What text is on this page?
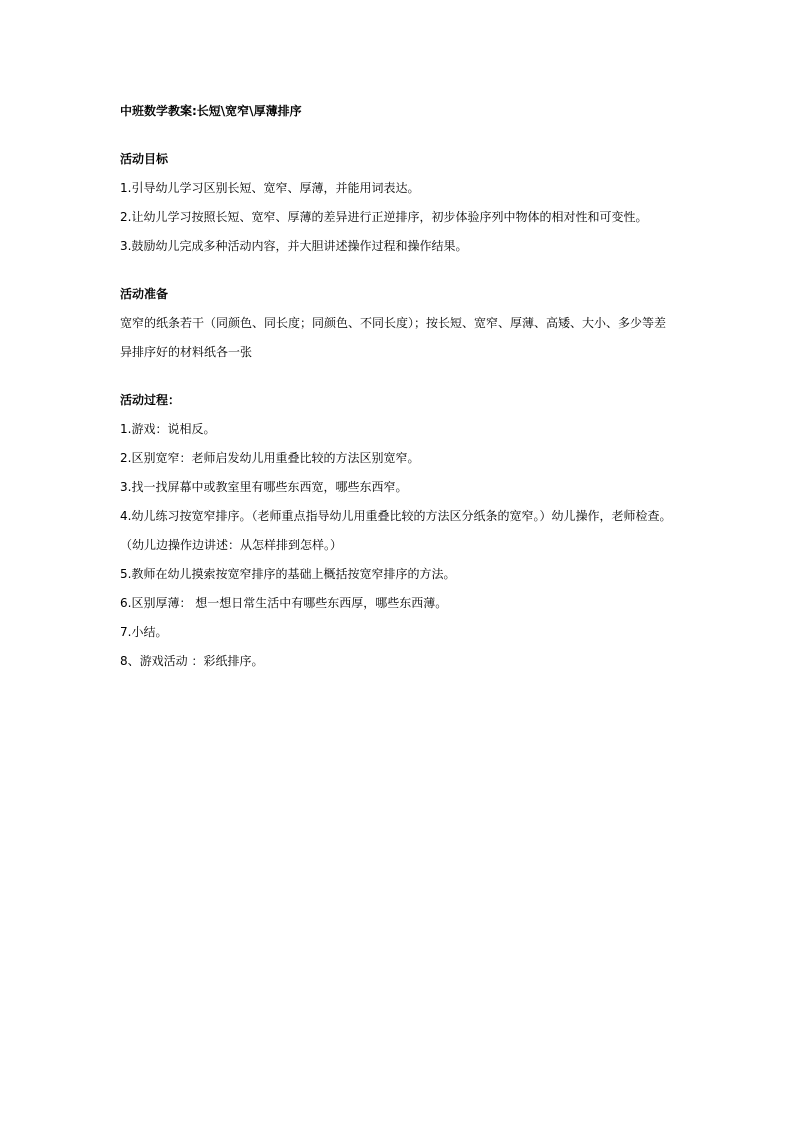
中班数学教案:长短\宽窄\厚薄排序

活动目标

1.引导幼儿学习区别长短、宽窄、厚薄，并能用词表达。

2.让幼儿学习按照长短、宽窄、厚薄的差异进行正逆排序，初步体验序列中物体的相对性和可变性。

3.鼓励幼儿完成多种活动内容，并大胆讲述操作过程和操作结果。

活动准备

宽窄的纸条若干（同颜色、同长度；同颜色、不同长度）；按长短、宽窄、厚薄、高矮、大小、多少等差

异排序好的材料纸各一张

活动过程：

1.游戏：说相反。

2.区别宽窄：老师启发幼儿用重叠比较的方法区别宽窄。

3.找一找屏幕中或教室里有哪些东西宽，哪些东西窄。

4.幼儿练习按宽窄排序。（老师重点指导幼儿用重叠比较的方法区分纸条的宽窄。）幼儿操作，老师检查。

（幼儿边操作边讲述：从怎样排到怎样。）

5.教师在幼儿摸索按宽窄排序的基础上概括按宽窄排序的方法。

6.区别厚薄： 想一想日常生活中有哪些东西厚，哪些东西薄。

7.小结。

8、游戏活动 ：彩纸排序。
